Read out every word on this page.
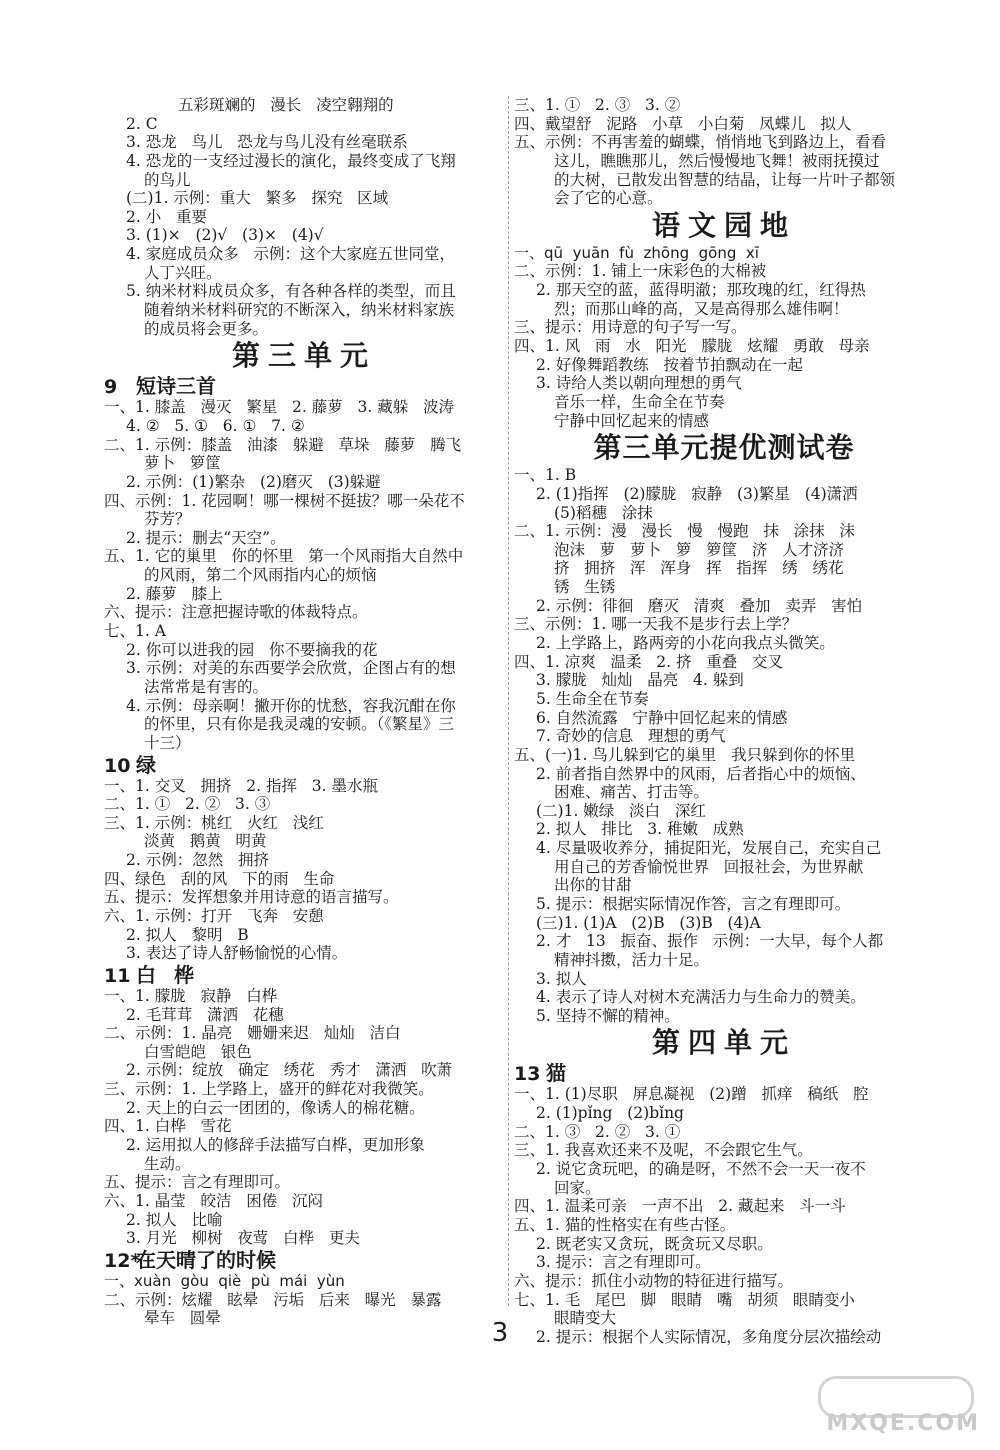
五彩斑斓的   漫长   凌空翱翔的
2. C
3. 恐龙   鸟儿   恐龙与鸟儿没有丝毫联系
4. 恐龙的一支经过漫长的演化，最终变成了飞翔
的鸟儿
(二)1. 示例：重大   繁多   探究   区域
2. 小   重要
3. (1)×   (2)√   (3)×   (4)√
4. 家庭成员众多   示例：这个大家庭五世同堂，
人丁兴旺。
5. 纳米材料成员众多，有各种各样的类型，而且
随着纳米材料研究的不断深入，纳米材料家族
的成员将会更多。
第三单元
9 短诗三首
一、1. 膝盖   漫灭   繁星   2. 藤萝   3. 藏躲   波涛
4. ②   5. ①   6. ①   7. ②
二、1. 示例：膝盖   油漆   躲避   草垛   藤萝   腾飞
萝卜   箩筐
2. 示例：(1)繁杂   (2)磨灭   (3)躲避
四、示例：1. 花园啊！哪一棵树不挺拔？哪一朵花不
芬芳？
2. 提示：删去“天空”。
五、1. 它的巢里   你的怀里   第一个风雨指大自然中
的风雨，第二个风雨指内心的烦恼
2. 藤萝   膝上
六、提示：注意把握诗歌的体裁特点。
七、1. A
2. 你可以进我的园   你不要摘我的花
3. 示例：对美的东西要学会欣赏，企图占有的想
法常常是有害的。
4. 示例：母亲啊！撇开你的忧愁，容我沉酣在你
的怀里，只有你是我灵魂的安顿。（《繁星》三
十三）
10 绿
一、1. 交叉   拥挤   2. 指挥   3. 墨水瓶
二、1. ①   2. ②   3. ③
三、1. 示例：桃红   火红   浅红
淡黄   鹅黄   明黄
2. 示例：忽然   拥挤
四、绿色   刮的风   下的雨   生命
五、提示：发挥想象并用诗意的语言描写。
六、1. 示例：打开   飞奔   安憩
2. 拟人   黎明   B
3. 表达了诗人舒畅愉悦的心情。
11 白桦
一、1. 朦胧   寂静   白桦
2. 毛茸茸   潇洒   花穗
二、示例：1. 晶亮   姗姗来迟   灿灿   洁白
白雪皑皑   银色
2. 示例：绽放   确定   绣花   秀才   潇洒   吹萧
三、示例：1. 上学路上，盛开的鲜花对我微笑。
2. 天上的白云一团团的，像诱人的棉花糖。
四、1. 白桦   雪花
2. 运用拟人的修辞手法描写白桦，更加形象
生动。
五、提示：言之有理即可。
六、1. 晶莹   皎洁   困倦   沉闷
2. 拟人   比喻
3. 月光   柳树   夜莺   白桦   更夫
12*在天晴了的时候
一、xuàn  gòu  qiè  pù  mái  yùn
二、示例：炫耀   眩晕   污垢   后来   曝光   暴露
晕车   圆晕
三、1. ①   2. ③   3. ②
四、戴望舒   泥路   小草   小白菊   凤蝶儿   拟人
五、示例：不再害羞的蝴蝶，悄悄地飞到路边上，看看
这儿，瞧瞧那儿，然后慢慢地飞舞！被雨抚摸过
的大树，已散发出智慧的结晶，让每一片叶子都领
会了它的心意。
语文园地
一、qū  yuān  fù  zhōng  gōng  xī
二、示例：1. 铺上一床彩色的大棉被
2. 那天空的蓝，蓝得明澈；那玫瑰的红，红得热
烈；而那山峰的高，又是高得那么雄伟啊！
三、提示：用诗意的句子写一写。
四、1. 风   雨   水   阳光   朦胧   炫耀   勇敢   母亲
2. 好像舞蹈教练   按着节拍飘动在一起
3. 诗给人类以朝向理想的勇气
音乐一样，生命全在节奏
宁静中回忆起来的情感
第三单元提优测试卷
一、1. B
2. (1)指挥   (2)朦胧   寂静   (3)繁星   (4)潇洒
(5)稻穗   涂抹
二、1. 示例：漫   漫长   慢   慢跑   抹   涂抹   沫
泡沫   萝   萝卜   箩   箩筐   济   人才济济
挤   拥挤   浑   浑身   挥   指挥   绣   绣花
锈   生锈
2. 示例：徘徊   磨灭   清爽   叠加   卖弄   害怕
三、示例：1. 哪一天我不是步行去上学？
2. 上学路上，路两旁的小花向我点头微笑。
四、1. 凉爽   温柔   2. 挤   重叠   交叉
3. 朦胧   灿灿   晶亮   4. 躲到
5. 生命全在节奏
6. 自然流露   宁静中回忆起来的情感
7. 奇妙的信息   理想的勇气
五、(一)1. 鸟儿躲到它的巢里   我只躲到你的怀里
2. 前者指自然界中的风雨，后者指心中的烦恼、
困难、痛苦、打击等。
(二)1. 嫩绿   淡白   深红
2. 拟人   排比   3. 稚嫩   成熟
4. 尽量吸收养分，捕捉阳光，发展自己，充实自己
用自己的芳香愉悦世界   回报社会，为世界献
出你的甘甜
5. 提示：根据实际情况作答，言之有理即可。
(三)1. (1)A   (2)B   (3)B   (4)A
2. 才   13   振奋、振作   示例：一大早，每个人都
精神抖擞，活力十足。
3. 拟人
4. 表示了诗人对树木充满活力与生命力的赞美。
5. 坚持不懈的精神。
第四单元
13 猫
一、1. (1)尽职   屏息凝视   (2)蹭   抓痒   稿纸   腔
2. (1)pǐng   (2)bǐng
二、1. ③   2. ②   3. ①
三、1. 我喜欢还来不及呢，不会跟它生气。
2. 说它贪玩吧，的确是呀，不然不会一天一夜不
回家。
四、1. 温柔可亲   一声不出   2. 藏起来   斗一斗
五、1. 猫的性格实在有些古怪。
2. 既老实又贪玩，既贪玩又尽职。
3. 提示：言之有理即可。
六、提示：抓住小动物的特征进行描写。
七、1. 毛   尾巴   脚   眼睛   嘴   胡须   眼睛变小
眼睛变大
2. 提示：根据个人实际情况，多角度分层次描绘动
3
MXQE.COM
